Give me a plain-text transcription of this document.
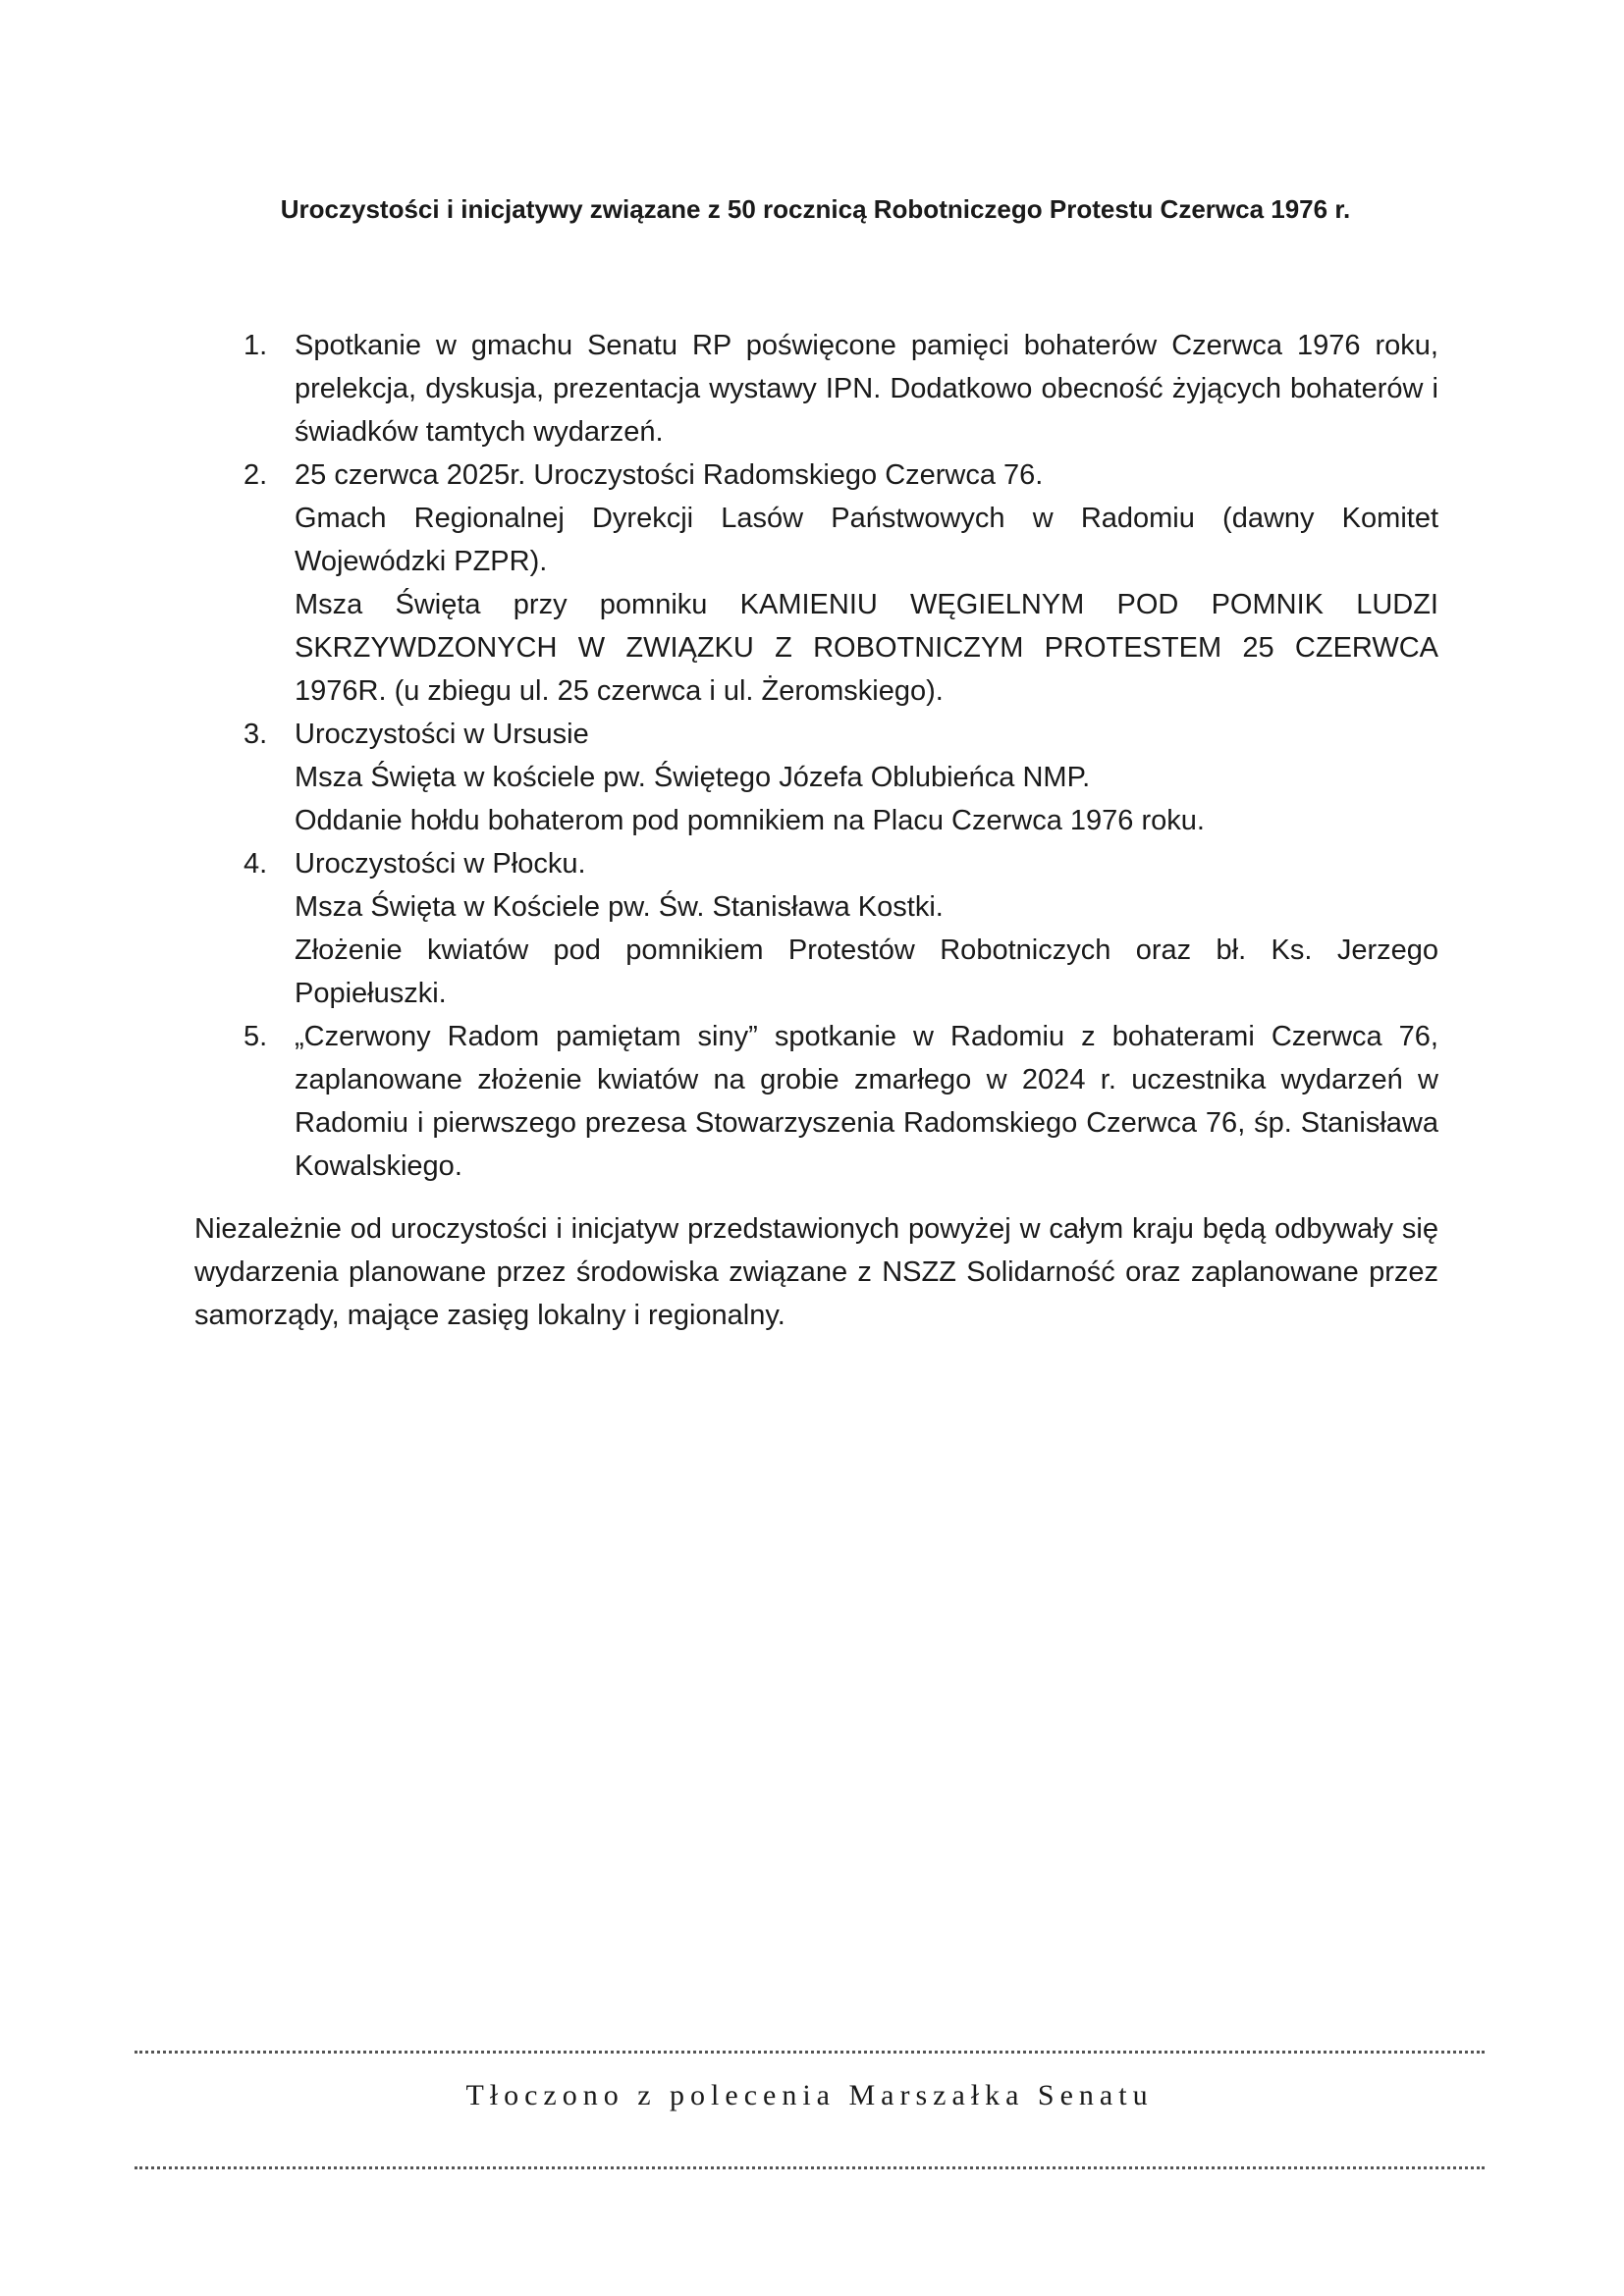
Uroczystości i inicjatywy związane z 50 rocznicą Robotniczego Protestu Czerwca 1976 r.
1. Spotkanie w gmachu Senatu RP poświęcone pamięci bohaterów Czerwca 1976 roku, prelekcja, dyskusja, prezentacja wystawy IPN. Dodatkowo obecność żyjących bohaterów i świadków tamtych wydarzeń.
2. 25 czerwca 2025r. Uroczystości Radomskiego Czerwca 76.
Gmach Regionalnej Dyrekcji Lasów Państwowych w Radomiu (dawny Komitet Wojewódzki PZPR).
Msza Święta przy pomniku KAMIENIU WĘGIELNYM POD POMNIK LUDZI SKRZYWDZONYCH W ZWIĄZKU Z ROBOTNICZYM PROTESTEM 25 CZERWCA 1976R. (u zbiegu ul. 25 czerwca i ul. Żeromskiego).
3. Uroczystości w Ursusie
Msza Święta w kościele pw. Świętego Józefa Oblubieńca NMP.
Oddanie hołdu bohaterom pod pomnikiem na Placu Czerwca 1976 roku.
4. Uroczystości w Płocku.
Msza Święta w Kościele pw. Św. Stanisława Kostki.
Złożenie kwiatów pod pomnikiem Protestów Robotniczych oraz bł. Ks. Jerzego Popiełuszki.
5. „Czerwony Radom pamiętam siny” spotkanie w Radomiu z bohaterami Czerwca 76, zaplanowane złożenie kwiatów na grobie zmarłego w 2024 r. uczestnika wydarzeń w Radomiu i pierwszego prezesa Stowarzyszenia Radomskiego Czerwca 76, śp. Stanisława Kowalskiego.

Niezależnie od uroczystości i inicjatyw przedstawionych powyżej w całym kraju będą odbywały się wydarzenia planowane przez środowiska związane z NSZZ Solidarność oraz zaplanowane przez samorządy, mające zasięg lokalny i regionalny.

Tłoczono z polecenia Marszałka Senatu
